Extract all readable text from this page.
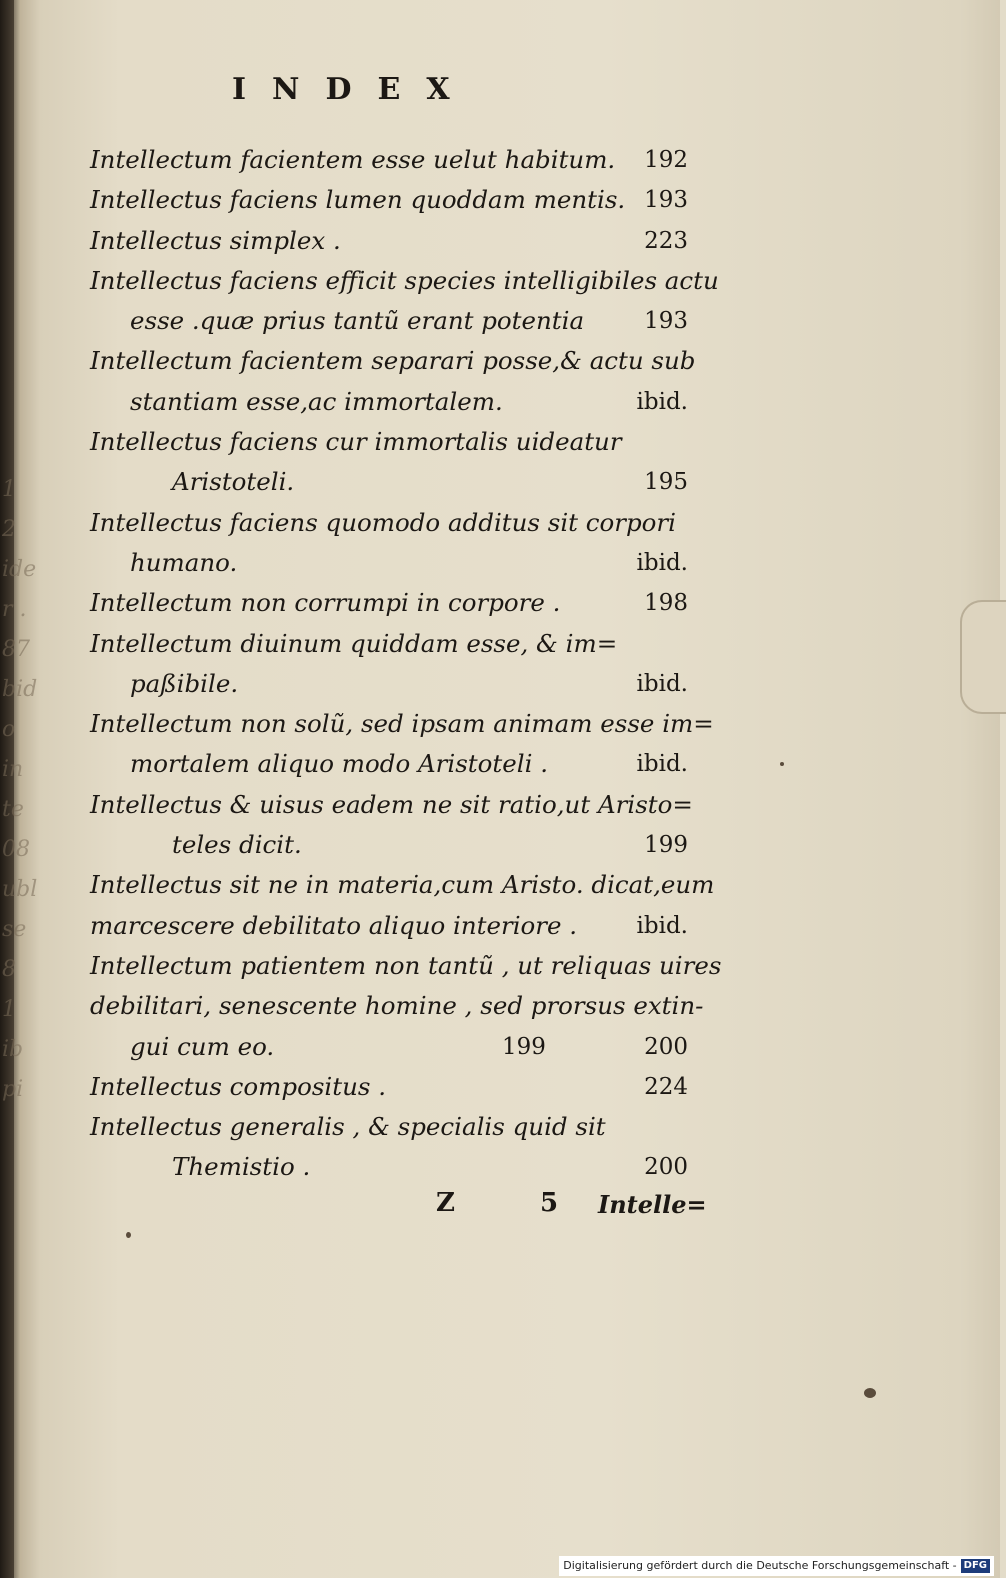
1 2 ide r . 87 bid o in te 08 ubl se 8 1 ib pi
INDEX
Intellectum facientem esse uelut habitum. 192
Intellectus faciens lumen quoddam mentis. 193
Intellectus simplex .	223
Intellectus faciens efficit species intelligibiles actu
esse .quæ prius tantũ erant potentia	193
Intellectum facientem separari posse,& actu sub
stantiam esse,ac immortalem.	ibid.
Intellectus faciens cur immortalis uideatur
Aristoteli.	195
Intellectus faciens quomodo additus sit corpori
humano.	ibid.
Intellectum non corrumpi in corpore .	198
Intellectum diuinum quiddam esse, & im=
paßibile.	ibid.
Intellectum non solũ, sed ipsam animam esse im=
mortalem aliquo modo Aristoteli .	ibid.
Intellectus & uisus eadem ne sit ratio,ut Aristo=
teles dicit.	199
Intellectus sit ne in materia,cum Aristo. dicat,eum
marcescere debilitato aliquo interiore .	ibid.
Intellectum patientem non tantũ , ut reliquas uires
debilitari, senescente homine , sed prorsus extin-
gui cum eo.	199	200
Intellectus compositus .	224
Intellectus generalis , & specialis quid sit
Themistio .	200
Z 5 Intelle=
Digitalisierung gefördert durch die Deutsche Forschungsgemeinschaft - DFG
